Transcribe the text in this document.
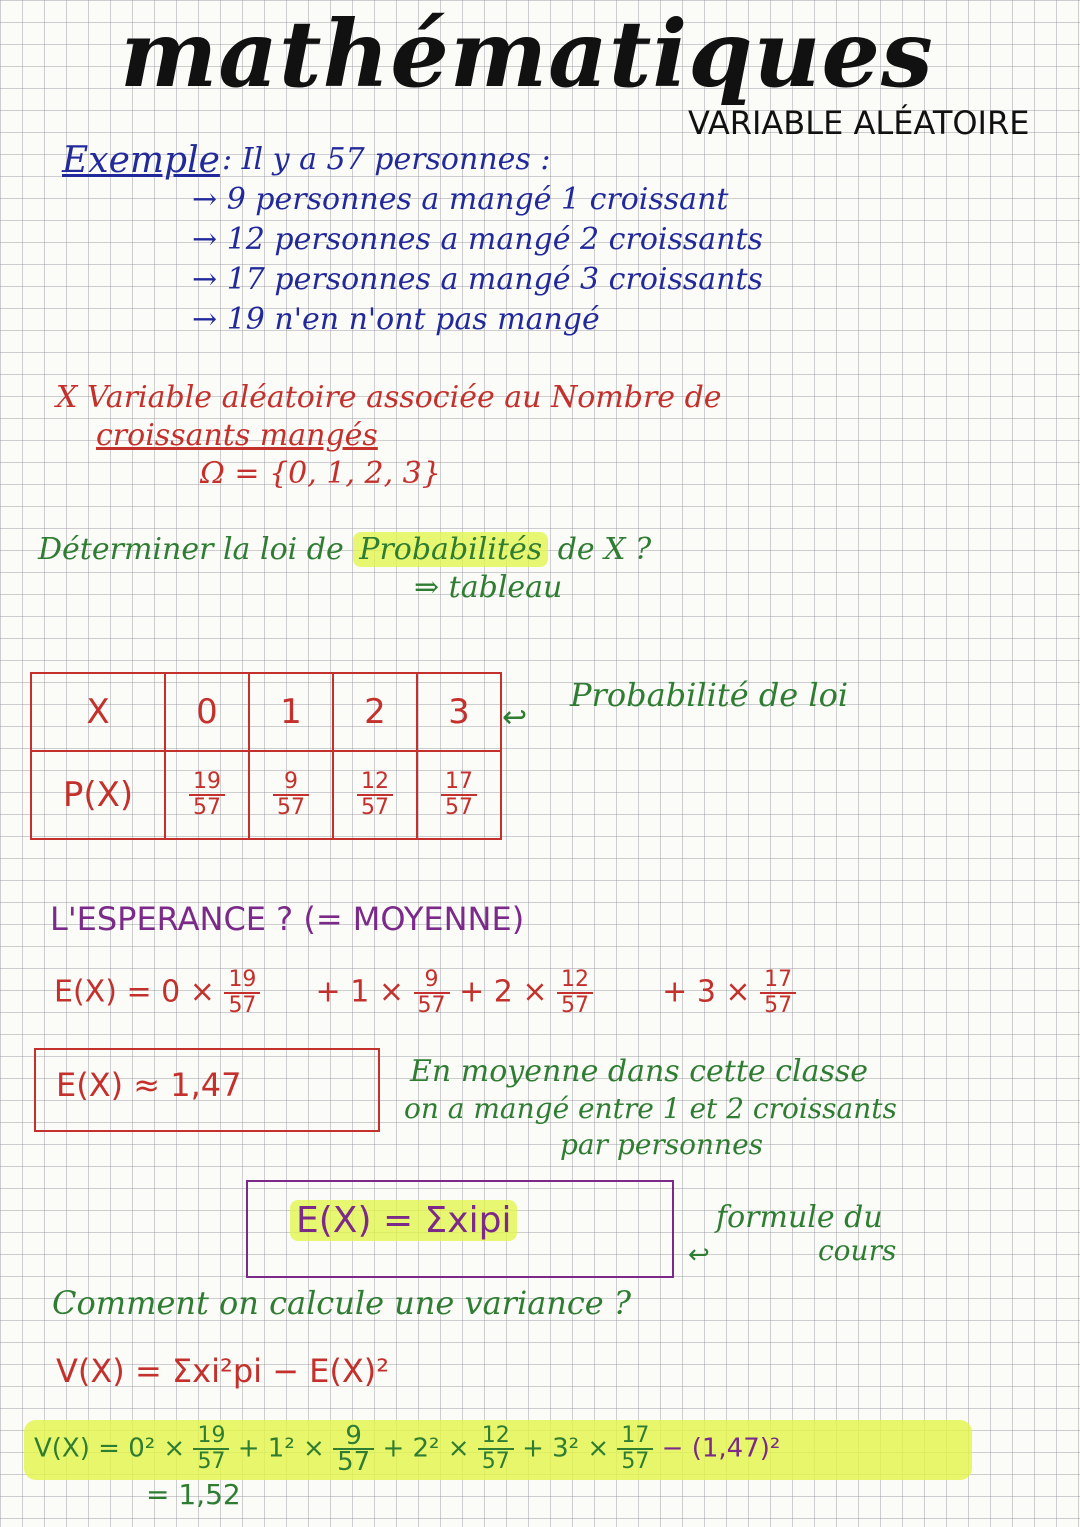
mathématiques
VARIABLE ALÉATOIRE
Exemple : Il y a 57 personnes :
→ 9 personnes a mangé 1 croissant
→ 12 personnes a mangé 2 croissants
→ 17 personnes a mangé 3 croissants
→ 19 n'en n'ont pas mangé
X Variable aléatoire associée au Nombre de
croissants mangés
Ω = {0, 1, 2, 3}
Déterminer la loi de Probabilités de X ?
⇒ tableau
X	0	1	2	3
P(X)	$\frac{19}{57}$	$\frac{9}{57}$	$\frac{12}{57}$	$\frac{17}{57}$
↩
Probabilité de loi
L'ESPERANCE ? (= MOYENNE)
$E(X) = 0 \times \frac{19}{57} + 1 \times \frac{9}{57} + 2 \times \frac{12}{57} + 3 \times \frac{17}{57}$
E(X) ≈ 1,47	En moyenne dans cette classe
on a mangé entre 1 et 2 croissants
par personnes
E(X) = Σxipi
↩
formule du
cours
Comment on calcule une variance ?
V(X) = Σxi²pi − E(X)²
$V(X) = 0^2 \times \frac{19}{57} + 1^2 \times \frac{9}{57} + 2^2 \times \frac{12}{57} + 3^2 \times \frac{17}{57} - (1,47)^2$
= 1,52
